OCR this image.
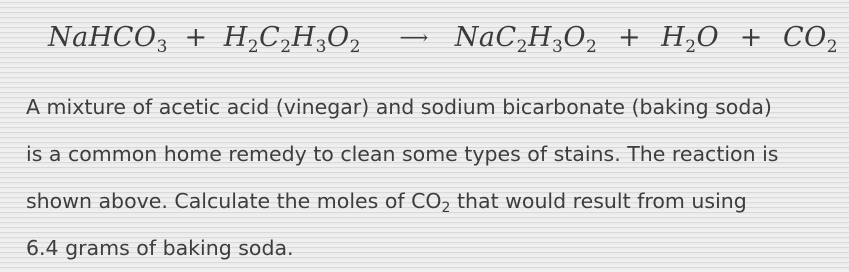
NaHCO$_3$ + $H_2C_2H_3O_2$ ⟶ $NaC_2H_3O_2 + H_2O + CO_2$
A mixture of acetic acid (vinegar) and sodium bicarbonate (baking soda)
is a common home remedy to clean some types of stains. The reaction is
shown above. Calculate the moles of $CO_2$ that would result from using
6.4 grams of baking soda.
